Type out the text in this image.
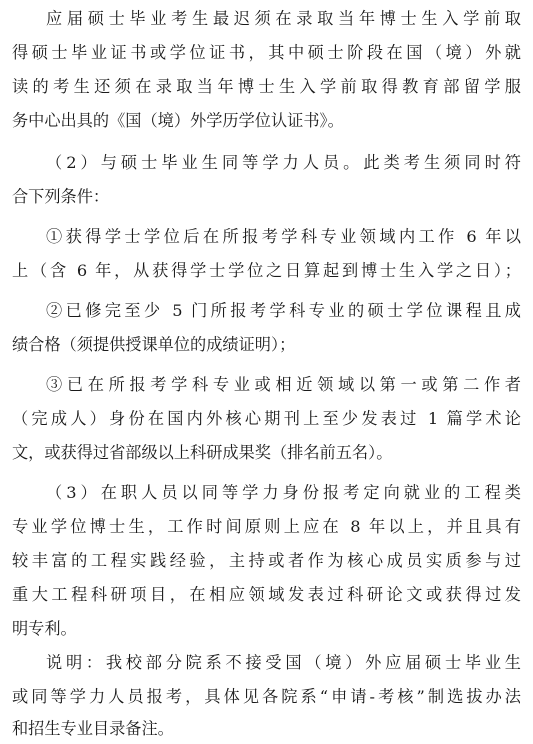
应届硕士毕业考生最迟须在录取当年博士生入学前取
得硕士毕业证书或学位证书，其中硕士阶段在国（境）外就
读的考生还须在录取当年博士生入学前取得教育部留学服
务中心出具的《国（境）外学历学位认证书》。
（2）与硕士毕业生同等学力人员。此类考生须同时符
合下列条件：
①获得学士学位后在所报考学科专业领域内工作 6 年以
上（含 6 年，从获得学士学位之日算起到博士生入学之日）；
②已修完至少 5 门所报考学科专业的硕士学位课程且成
绩合格（须提供授课单位的成绩证明）；
③已在所报考学科专业或相近领域以第一或第二作者
（完成人）身份在国内外核心期刊上至少发表过 1 篇学术论
文，或获得过省部级以上科研成果奖（排名前五名）。
（3）在职人员以同等学力身份报考定向就业的工程类
专业学位博士生，工作时间原则上应在 8 年以上，并且具有
较丰富的工程实践经验，主持或者作为核心成员实质参与过
重大工程科研项目，在相应领域发表过科研论文或获得过发
明专利。
说明：我校部分院系不接受国（境）外应届硕士毕业生
或同等学力人员报考，具体见各院系“申请-考核”制选拔办法
和招生专业目录备注。
